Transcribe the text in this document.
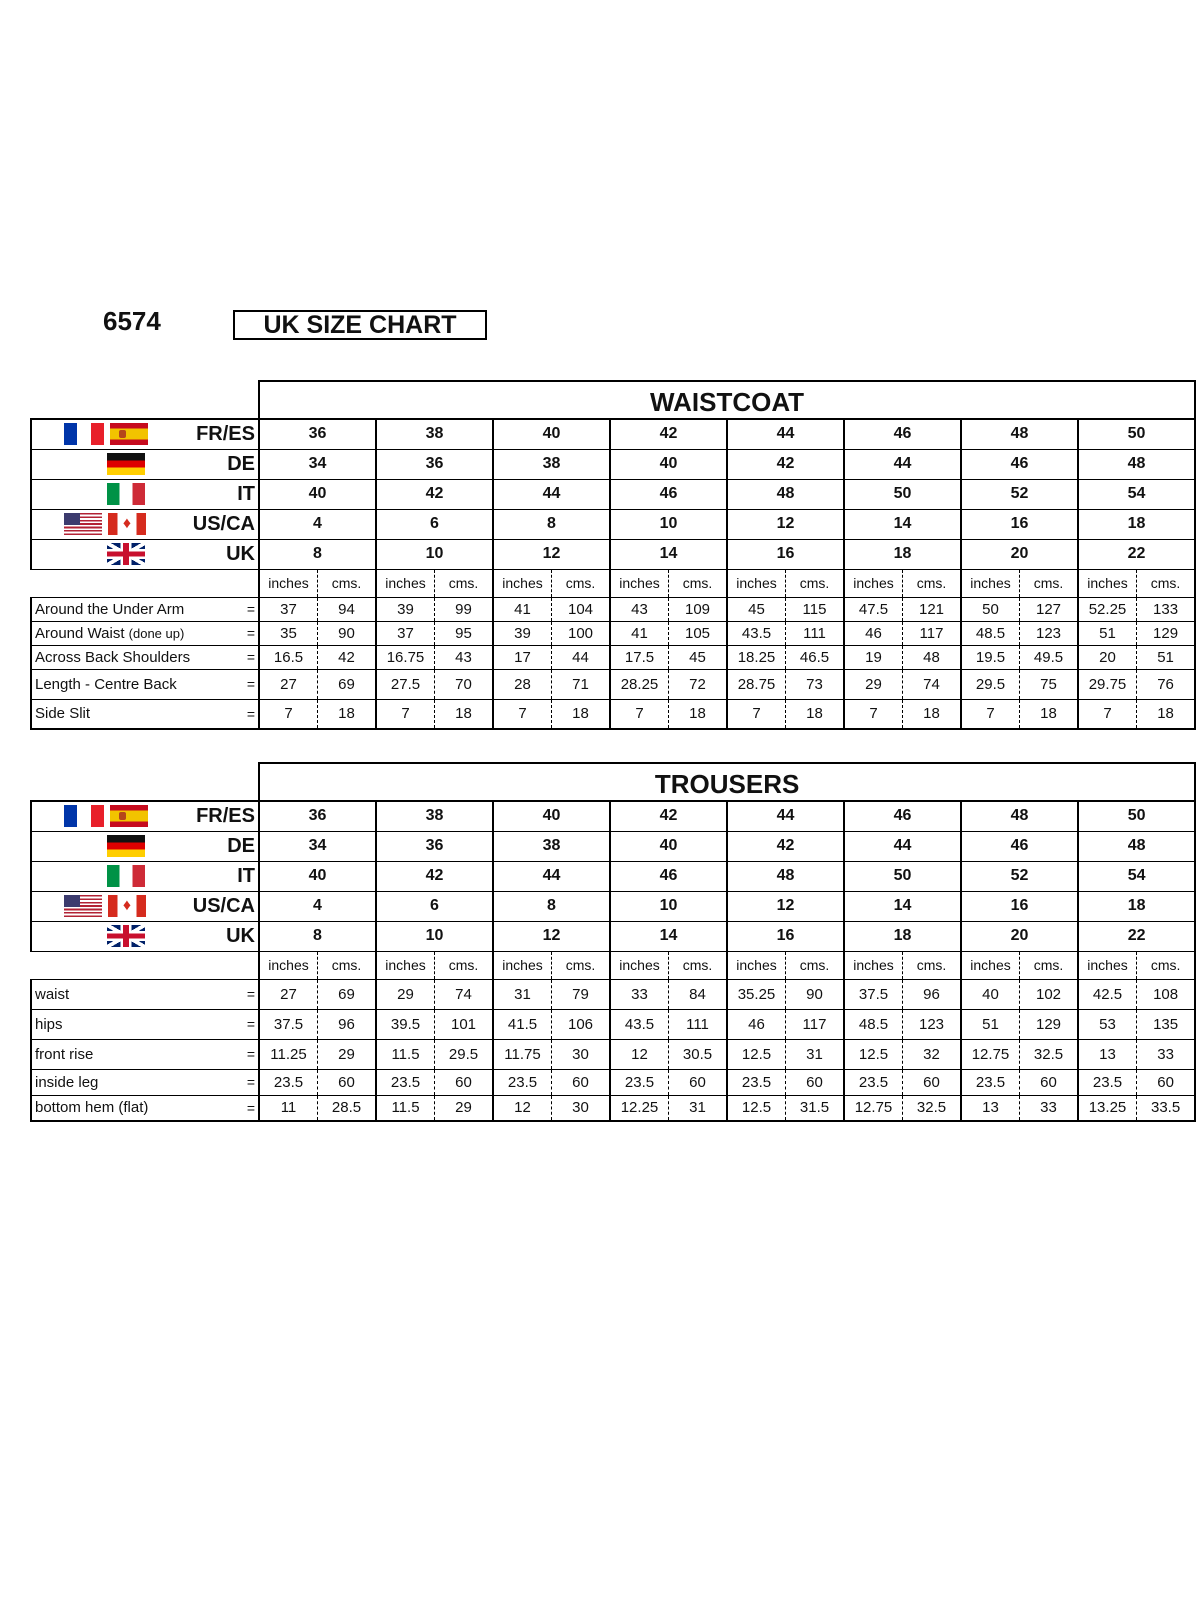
6574	UK SIZE CHART
	WAISTCOAT															

FR/ES	36		38		40		42		44		46		48		50	

DE	34		36		38		40		42		44		46		48	

IT	40		42		44		46		48		50		52		54	

♦
US/CA	4		6		8		10		12		14		16		18	

UK	8		10		12		14		16		18		20		22	
	inches	cms.	inches	cms.	inches	cms.	inches	cms.	inches	cms.	inches	cms.	inches	cms.	inches	cms.
Around the Under Arm =	37	94	39	99	41	104	43	109	45	115	47.5	121	50	127	52.25	133
Around Waist (done up) =	35	90	37	95	39	100	41	105	43.5	111	46	117	48.5	123	51	129
Across Back Shoulders =	16.5	42	16.75	43	17	44	17.5	45	18.25	46.5	19	48	19.5	49.5	20	51
Length - Centre Back =	27	69	27.5	70	28	71	28.25	72	28.75	73	29	74	29.5	75	29.75	76
Side Slit =	7	18	7	18	7	18	7	18	7	18	7	18	7	18	7	18
	TROUSERS															

FR/ES	36		38		40		42		44		46		48		50	

DE	34		36		38		40		42		44		46		48	

IT	40		42		44		46		48		50		52		54	

♦
US/CA	4		6		8		10		12		14		16		18	

UK	8		10		12		14		16		18		20		22	
	inches	cms.	inches	cms.	inches	cms.	inches	cms.	inches	cms.	inches	cms.	inches	cms.	inches	cms.
waist =	27	69	29	74	31	79	33	84	35.25	90	37.5	96	40	102	42.5	108
hips =	37.5	96	39.5	101	41.5	106	43.5	111	46	117	48.5	123	51	129	53	135
front rise =	11.25	29	11.5	29.5	11.75	30	12	30.5	12.5	31	12.5	32	12.75	32.5	13	33
inside leg =	23.5	60	23.5	60	23.5	60	23.5	60	23.5	60	23.5	60	23.5	60	23.5	60
bottom hem (flat) =	11	28.5	11.5	29	12	30	12.25	31	12.5	31.5	12.75	32.5	13	33	13.25	33.5
